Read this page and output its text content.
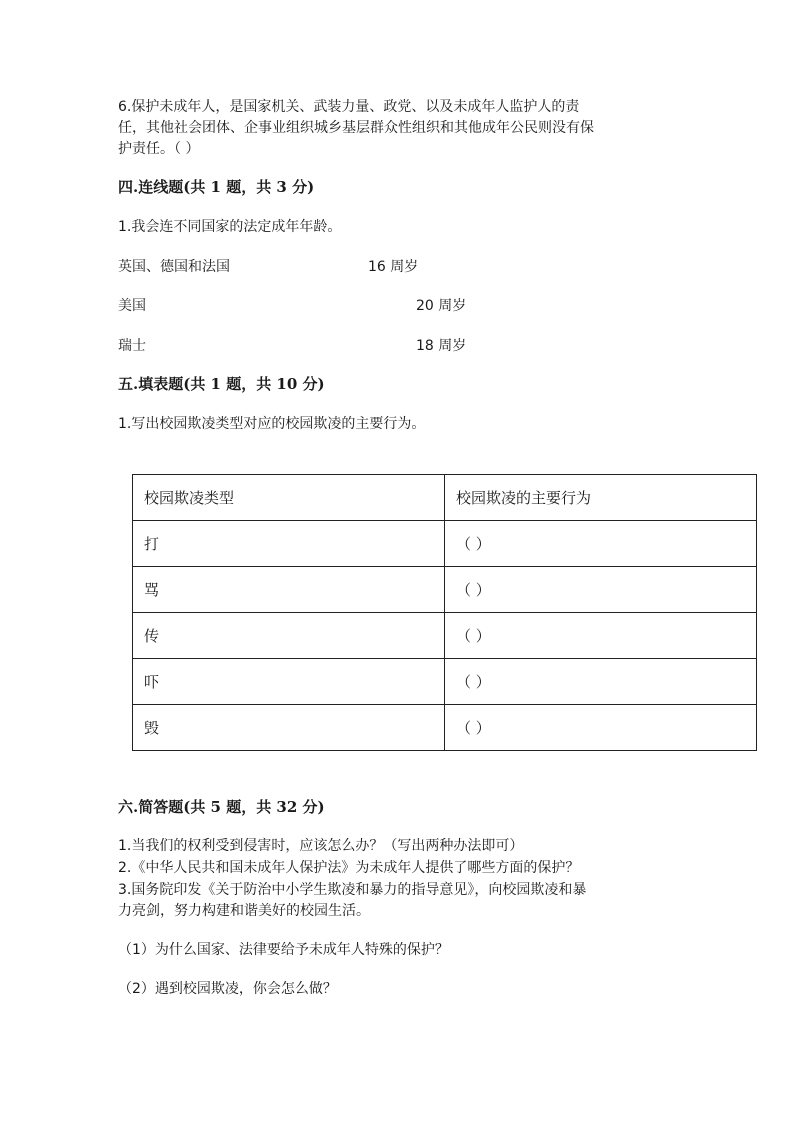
6.保护未成年人，是国家机关、武装力量、政党、以及未成年人监护人的责
任，其他社会团体、企事业组织城乡基层群众性组织和其他成年公民则没有保
护责任。（ ）
四.连线题(共 1 题，共 3 分)
1.我会连不同国家的法定成年年龄。
英国、德国和法国	16 周岁
美国	20 周岁
瑞士	18 周岁
五.填表题(共 1 题，共 10 分)
1.写出校园欺凌类型对应的校园欺凌的主要行为。
校园欺凌类型	校园欺凌的主要行为
打	（ ）
骂	（ ）
传	（ ）
吓	（ ）
毁	（ ）
六.简答题(共 5 题，共 32 分)
1.当我们的权利受到侵害时，应该怎么办？（写出两种办法即可）
2.《中华人民共和国未成年人保护法》为未成年人提供了哪些方面的保护？
3.国务院印发《关于防治中小学生欺凌和暴力的指导意见》，向校园欺凌和暴
力亮剑，努力构建和谐美好的校园生活。
（1）为什么国家、法律要给予未成年人特殊的保护？
（2）遇到校园欺凌，你会怎么做？
